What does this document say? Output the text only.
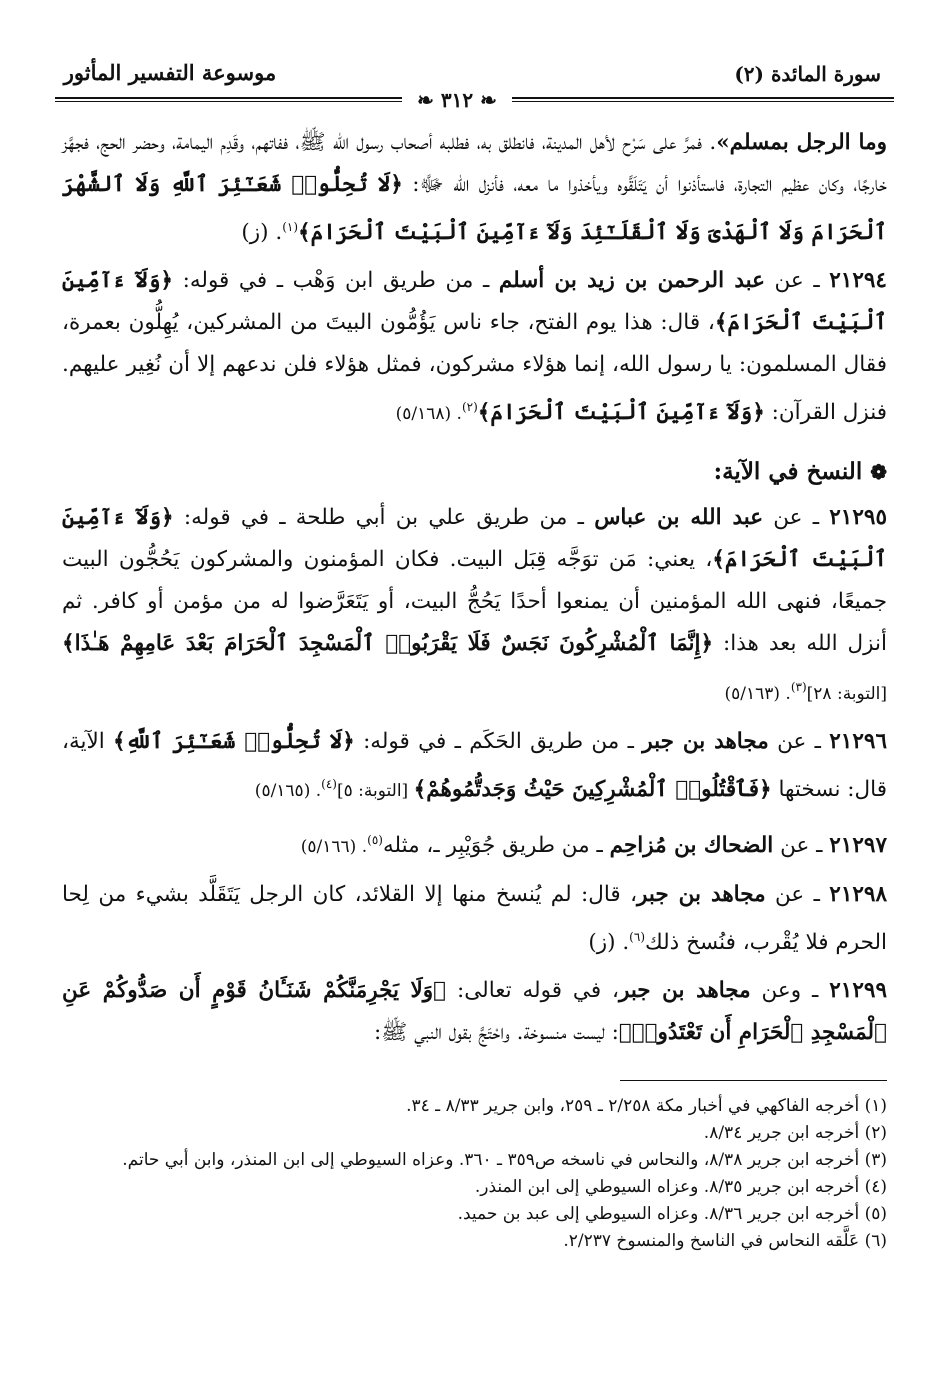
سورة المائدة (٢)
موسوعة التفسير المأثور
❧ ٣١٢ ❧

وما الرجل بمسلم». فمرَّ على سَرْح لأهل المدينة، فانطلق به، فطلبه أصحاب رسول الله ﷺ، ففاتهم، وقَدِم اليمامة، وحضر الحج، فجهَّز خارجًا، وكان عظيم التجارة، فاستأذنوا أن يَتَلَقَّوه ويأخذوا ما معه، فأنزل الله ﷻ: ﴿لَا تُحِلُّوا۟ شَعَـٰٓئِرَ ٱللَّهِ وَلَا ٱلشَّهْرَ ٱلْحَرَامَ وَلَا ٱلْهَدْىَ وَلَا ٱلْقَلَـٰٓئِدَ وَلَآ ءَآمِّينَ ٱلْبَيْتَ ٱلْحَرَامَ﴾$^{(١)}$. (ز)

٢١٢٩٤ ـ عن عبد الرحمن بن زيد بن أسلم ـ من طريق ابن وَهْب ـ في قوله: ﴿وَلَآ ءَآمِّينَ ٱلْبَيْتَ ٱلْحَرَامَ﴾، قال: هذا يوم الفتح، جاء ناس يَؤُمُّون البيتَ من المشركين، يُهِلُّون بعمرة، فقال المسلمون: يا رسول الله، إنما هؤلاء مشركون، فمثل هؤلاء فلن ندعهم إلا أن نُغِير عليهم. فنزل القرآن: ﴿وَلَآ ءَآمِّينَ ٱلْبَيْتَ ٱلْحَرَامَ﴾$^{(٢)}$. (٥/١٦٨)

❁ النسخ في الآية:

٢١٢٩٥ ـ عن عبد الله بن عباس ـ من طريق علي بن أبي طلحة ـ في قوله: ﴿وَلَآ ءَآمِّينَ ٱلْبَيْتَ ٱلْحَرَامَ﴾، يعني: مَن توَجَّه قِبَل البيت. فكان المؤمنون والمشركون يَحُجُّون البيت جميعًا، فنهى الله المؤمنين أن يمنعوا أحدًا يَحُجُّ البيت، أو يَتَعَرَّضوا له من مؤمن أو كافر. ثم أنزل الله بعد هذا: ﴿إِنَّمَا ٱلْمُشْرِكُونَ نَجَسٌ فَلَا يَقْرَبُوا۟ ٱلْمَسْجِدَ ٱلْحَرَامَ بَعْدَ عَامِهِمْ هَـٰذَا﴾ [التوبة: ٢٨]$^{(٣)}$. (٥/١٦٣)

٢١٢٩٦ ـ عن مجاهد بن جبر ـ من طريق الحَكَم ـ في قوله: ﴿لَا تُحِلُّوا۟ شَعَـٰٓئِرَ ٱللَّهِ﴾ الآية، قال: نسختها ﴿فَٱقْتُلُوا۟ ٱلْمُشْرِكِينَ حَيْثُ وَجَدتُّمُوهُمْ﴾ [التوبة: ٥]$^{(٤)}$. (٥/١٦٥)

٢١٢٩٧ ـ عن الضحاك بن مُزاحِم ـ من طريق جُوَيْبِر ـ، مثله$^{(٥)}$. (٥/١٦٦)

٢١٢٩٨ ـ عن مجاهد بن جبر، قال: لم يُنسخ منها إلا القلائد، كان الرجل يَتَقَلَّد بشيء من لِحا الحرم فلا يُقْرب، فنُسخ ذلك$^{(٦)}$. (ز)

٢١٢٩٩ ـ وعن مجاهد بن جبر، في قوله تعالى: ﴿وَلَا يَجْرِمَنَّكُمْ شَنَـَٔانُ قَوْمٍ أَن صَدُّوكُمْ عَنِ ٱلْمَسْجِدِ ٱلْحَرَامِ أَن تَعْتَدُوا۟﴾: ليست منسوخة. واحْتَجَّ بقول النبي ﷺ:

(١) أخرجه الفاكهي في أخبار مكة ٢/٢٥٨ ـ ٢٥٩، وابن جرير ٨/٣٣ ـ ٣٤.

(٢) أخرجه ابن جرير ٨/٣٤.

(٣) أخرجه ابن جرير ٨/٣٨، والنحاس في ناسخه ص٣٥٩ ـ ٣٦٠. وعزاه السيوطي إلى ابن المنذر، وابن أبي حاتم.

(٤) أخرجه ابن جرير ٨/٣٥. وعزاه السيوطي إلى ابن المنذر.

(٥) أخرجه ابن جرير ٨/٣٦. وعزاه السيوطي إلى عبد بن حميد.

(٦) عَلَّقه النحاس في الناسخ والمنسوخ ٢/٢٣٧.
